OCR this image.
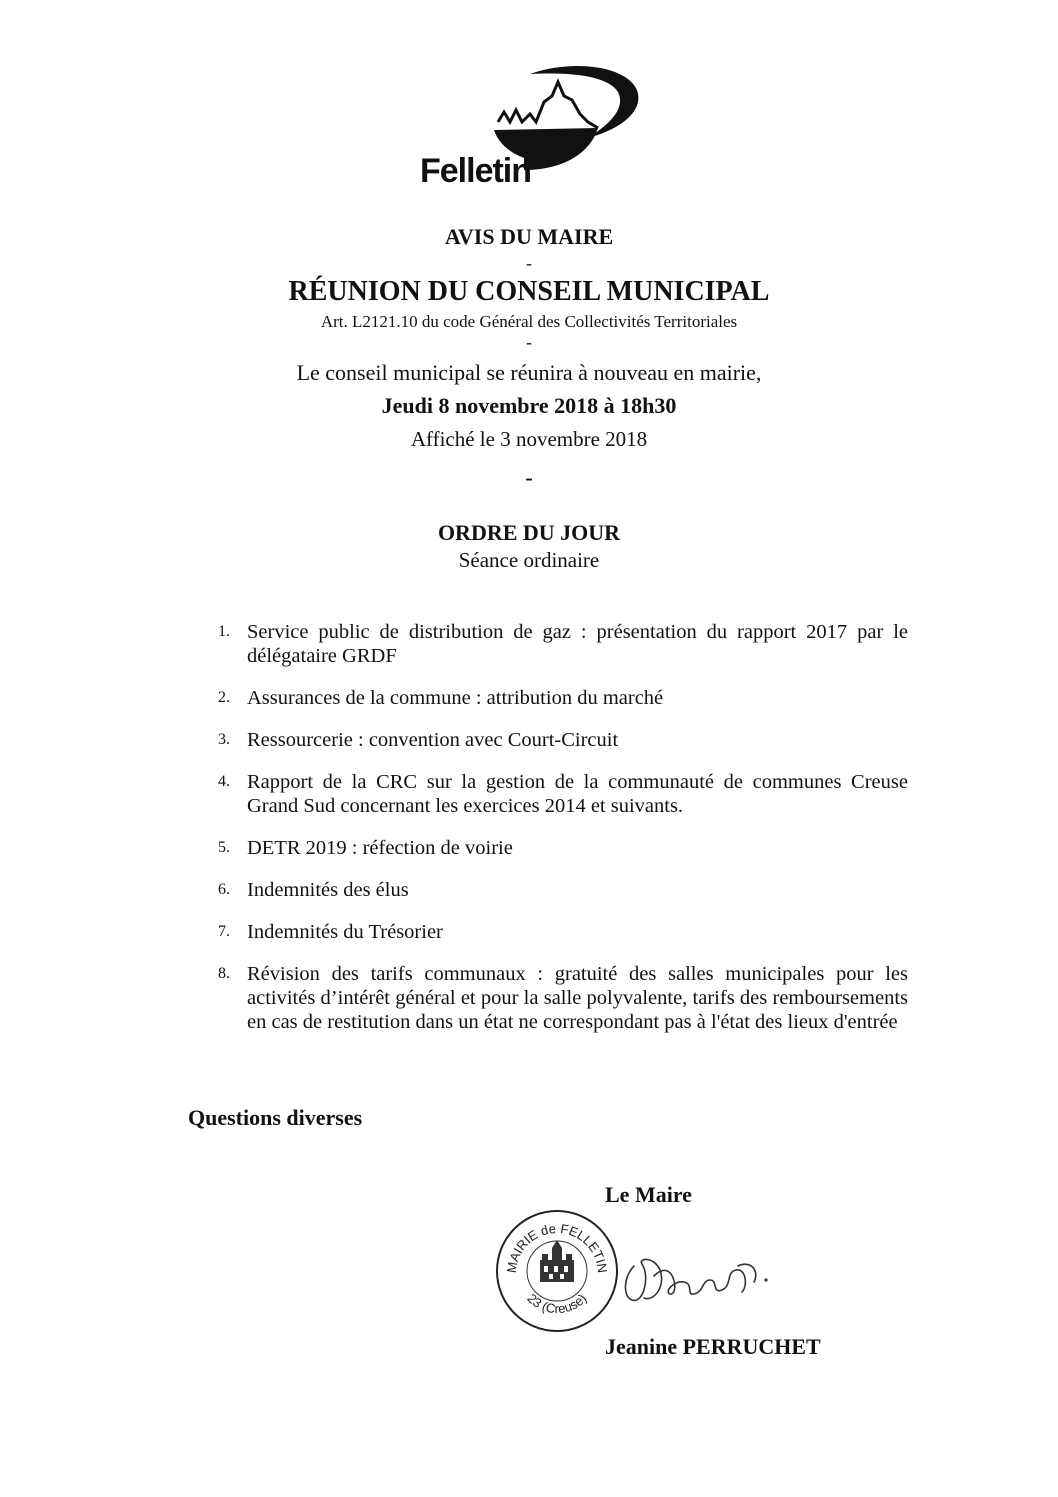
Felletin
AVIS DU MAIRE
-
RÉUNION DU CONSEIL MUNICIPAL
Art. L2121.10 du code Général des Collectivités Territoriales
-
Le conseil municipal se réunira à nouveau en mairie,
Jeudi 8 novembre 2018 à 18h30
Affiché le 3 novembre 2018
-
ORDRE DU JOUR
Séance ordinaire
1. Service public de distribution de gaz : présentation du rapport 2017 par le délégataire GRDF
2. Assurances de la commune : attribution du marché
3. Ressourcerie : convention avec Court-Circuit
4. Rapport de la CRC sur la gestion de la communauté de communes Creuse Grand Sud concernant les exercices 2014 et suivants.
5. DETR 2019 : réfection de voirie
6. Indemnités des élus
7. Indemnités du Trésorier
8. Révision des tarifs communaux : gratuité des salles municipales pour les activités d’intérêt général et pour la salle polyvalente, tarifs des remboursements en cas de restitution dans un état ne correspondant pas à l'état des lieux d'entrée
Questions diverses
Le Maire
MAIRIE de FELLETIN
23 (Creuse)
Jeanine PERRUCHET
